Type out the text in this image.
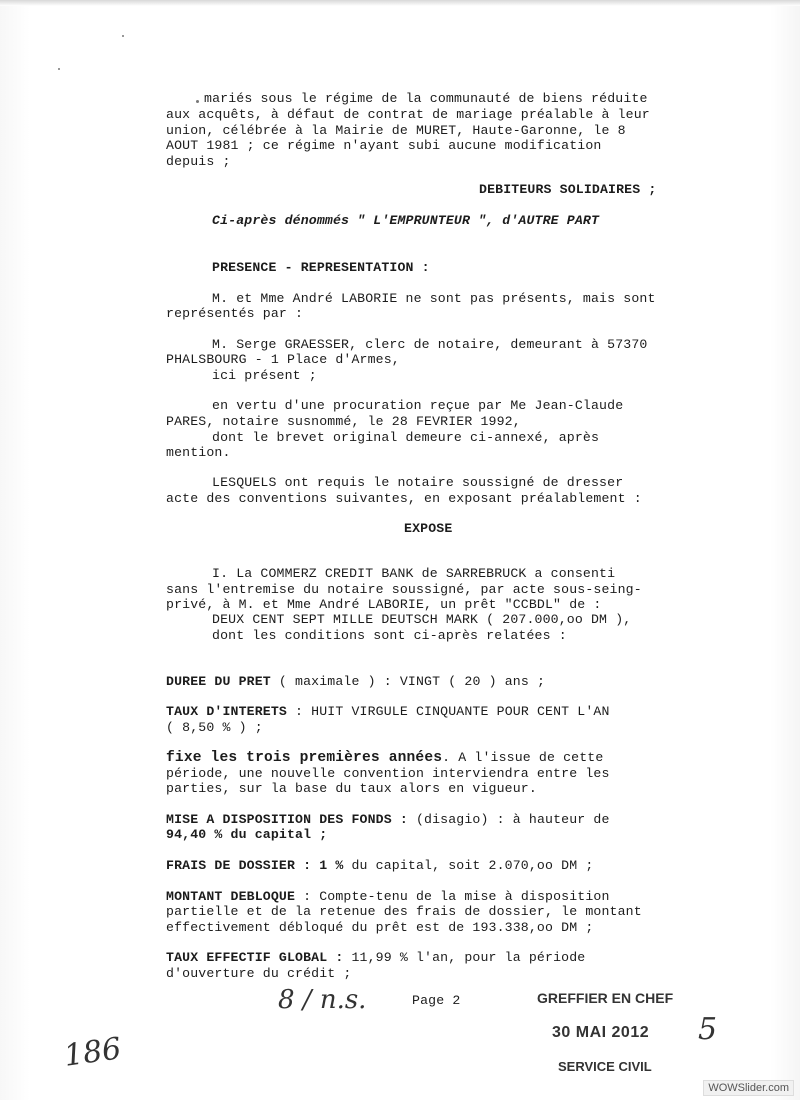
mariés sous le régime de la communauté de biens réduite
aux acquêts, à défaut de contrat de mariage préalable à leur
union, célébrée à la Mairie de MURET, Haute-Garonne, le 8
AOUT 1981 ; ce régime n'ayant subi aucune modification
depuis ;
DEBITEURS SOLIDAIRES ;
Ci-après dénommés " L'EMPRUNTEUR ", d'AUTRE PART
PRESENCE - REPRESENTATION :
M. et Mme André LABORIE ne sont pas présents, mais sont
représentés par :
M. Serge GRAESSER, clerc de notaire, demeurant à 57370
PHALSBOURG - 1 Place d'Armes,
ici présent ;
en vertu d'une procuration reçue par Me Jean-Claude
PARES, notaire susnommé, le 28 FEVRIER 1992,
dont le brevet original demeure ci-annexé, après
mention.
LESQUELS ont requis le notaire soussigné de dresser
acte des conventions suivantes, en exposant préalablement :
EXPOSE
I. La COMMERZ CREDIT BANK de SARREBRUCK a consenti
sans l'entremise du notaire soussigné, par acte sous-seing-
privé, à M. et Mme André LABORIE, un prêt "CCBDL" de :
DEUX CENT SEPT MILLE DEUTSCH MARK ( 207.000,oo DM ),
dont les conditions sont ci-après relatées :
DUREE DU PRET ( maximale ) : VINGT ( 20 ) ans ;
TAUX D'INTERETS : HUIT VIRGULE CINQUANTE POUR CENT L'AN
( 8,50 % ) ;
fixe les trois premières années. A l'issue de cette
période, une nouvelle convention interviendra entre les
parties, sur la base du taux alors en vigueur.
MISE A DISPOSITION DES FONDS : (disagio) : à hauteur de
94,40 % du capital ;
FRAIS DE DOSSIER : 1 % du capital, soit 2.070,oo DM ;
MONTANT DEBLOQUE : Compte-tenu de la mise à disposition
partielle et de la retenue des frais de dossier, le montant
effectivement débloqué du prêt est de 193.338,oo DM ;
TAUX EFFECTIF GLOBAL : 11,99 % l'an, pour la période
d'ouverture du crédit ;
Page 2	GREFFIER EN CHEF
30 MAI 2012
SERVICE CIVIL
8 / n.s.
186
5
WOWSlider.com
